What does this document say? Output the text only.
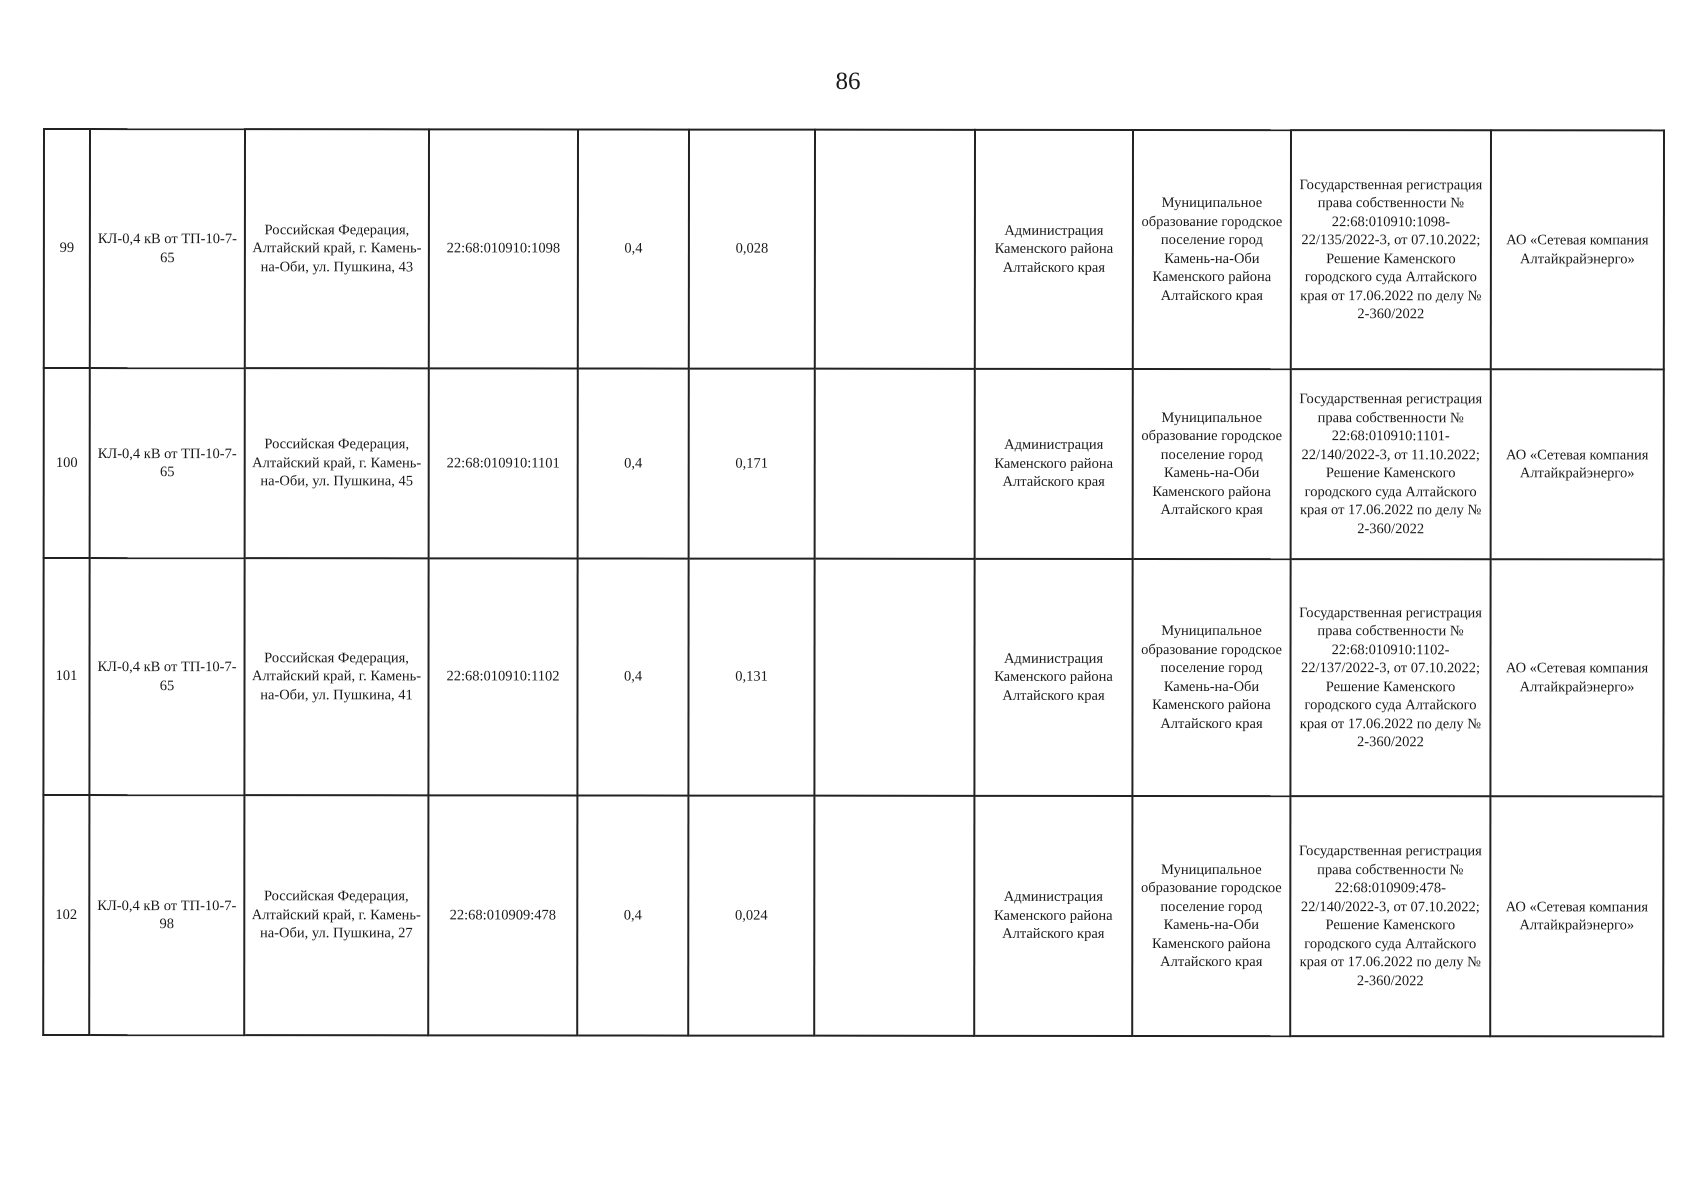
86
99	КЛ-0,4 кВ от ТП-10-7-65	Российская Федерация, Алтайский край, г. Камень-на-Оби, ул. Пушкина, 43	22:68:010910:1098	0,4	0,028		Администрация Каменского района Алтайского края	Муниципальное образование городское поселение город Камень-на-Оби Каменского района Алтайского края	Государственная регистрация права собственности № 22:68:010910:1098-22/135/2022-3, от 07.10.2022; Решение Каменского городского суда Алтайского края от 17.06.2022 по делу № 2-360/2022	АО «Сетевая компания Алтайкрайэнерго»
100	КЛ-0,4 кВ от ТП-10-7-65	Российская Федерация, Алтайский край, г. Камень-на-Оби, ул. Пушкина, 45	22:68:010910:1101	0,4	0,171		Администрация Каменского района Алтайского края	Муниципальное образование городское поселение город Камень-на-Оби Каменского района Алтайского края	Государственная регистрация права собственности № 22:68:010910:1101-22/140/2022-3, от 11.10.2022; Решение Каменского городского суда Алтайского края от 17.06.2022 по делу № 2-360/2022	АО «Сетевая компания Алтайкрайэнерго»
101	КЛ-0,4 кВ от ТП-10-7-65	Российская Федерация, Алтайский край, г. Камень-на-Оби, ул. Пушкина, 41	22:68:010910:1102	0,4	0,131		Администрация Каменского района Алтайского края	Муниципальное образование городское поселение город Камень-на-Оби Каменского района Алтайского края	Государственная регистрация права собственности № 22:68:010910:1102-22/137/2022-3, от 07.10.2022; Решение Каменского городского суда Алтайского края от 17.06.2022 по делу № 2-360/2022	АО «Сетевая компания Алтайкрайэнерго»
102	КЛ-0,4 кВ от ТП-10-7-98	Российская Федерация, Алтайский край, г. Камень-на-Оби, ул. Пушкина, 27	22:68:010909:478	0,4	0,024		Администрация Каменского района Алтайского края	Муниципальное образование городское поселение город Камень-на-Оби Каменского района Алтайского края	Государственная регистрация права собственности № 22:68:010909:478-22/140/2022-3, от 07.10.2022; Решение Каменского городского суда Алтайского края от 17.06.2022 по делу № 2-360/2022	АО «Сетевая компания Алтайкрайэнерго»
